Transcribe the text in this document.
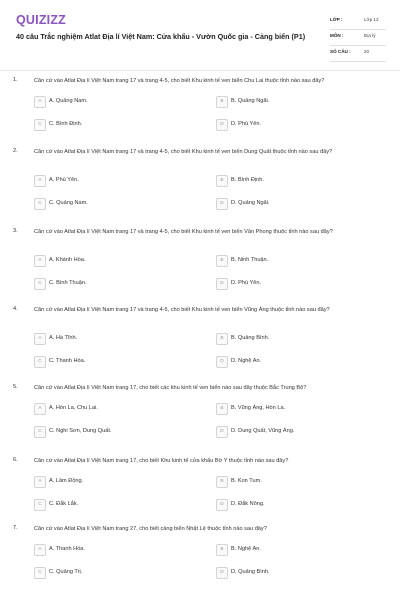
QUIZIZZ
40 câu Trắc nghiệm Atlat Địa lí Việt Nam: Cửa khẩu - Vườn Quốc gia - Cảng biển (P1)
LỚP :	Lớp 12
MÔN :	Địa lý
SỐ CÂU :	20
1.	Căn cứ vào Atlat Địa lí Việt Nam trang 17 và trang 4-5, cho biết Khu kinh tế ven biển Chu Lai thuộc tỉnh nào sau đây?
A	A. Quảng Nam.	B	B. Quảng Ngãi.
C	C. Bình Định.	D	D. Phú Yên.
2.	Căn cứ vào Atlat Địa lí Việt Nam trang 17 và trang 4-5, cho biết Khu kinh tế ven biển Dung Quất thuộc tỉnh nào sau đây?
A	A. Phú Yên.	B	B. Bình Định.
C	C. Quảng Nam.	D	D. Quảng Ngãi.
3.	Căn cứ vào Atlat Địa lí Việt Nam trang 17 và trang 4-5, cho biết Khu kinh tế ven biển Vân Phong thuộc tỉnh nào sau đây?
A	A. Khánh Hòa.	B	B. Ninh Thuận.
C	C. Bình Thuận.	D	D. Phú Yên.
4.	Căn cứ vào Atlat Địa lí Việt Nam trang 17 và trang 4-5, cho biết Khu kinh tế ven biển Vũng Áng thuộc tỉnh nào sau đây?
A	A. Hà Tĩnh.	B	B. Quảng Bình.
C	C. Thanh Hóa.	D	D. Nghệ An.
5.	Căn cứ vào Atlat Địa lí Việt Nam trang 17, cho biết các khu kinh tế ven biển nào sau đây thuộc Bắc Trung Bộ?
A	A. Hòn La, Chu Lai.	B	B. Vũng Áng, Hòn La.
C	C. Nghi Sơn, Dung Quất.	D	D. Dung Quất, Vũng Áng.
6.	Căn cứ vào Atlat Địa lí Việt Nam trang 17, cho biết Khu kinh tế cửa khẩu Bờ Y thuộc tỉnh nào sau đây?
A	A. Lâm Đồng.	B	B. Kon Tum.
C	C. Đắk Lắk.	D	D. Đắk Nông.
7.	Căn cứ vào Atlat Địa lí Việt Nam trang 27, cho biết cảng biển Nhật Lệ thuộc tỉnh nào sau đây?
A	A. Thanh Hóa.	B	B. Nghệ An.
C	C. Quảng Trị.	D	D. Quảng Bình.
